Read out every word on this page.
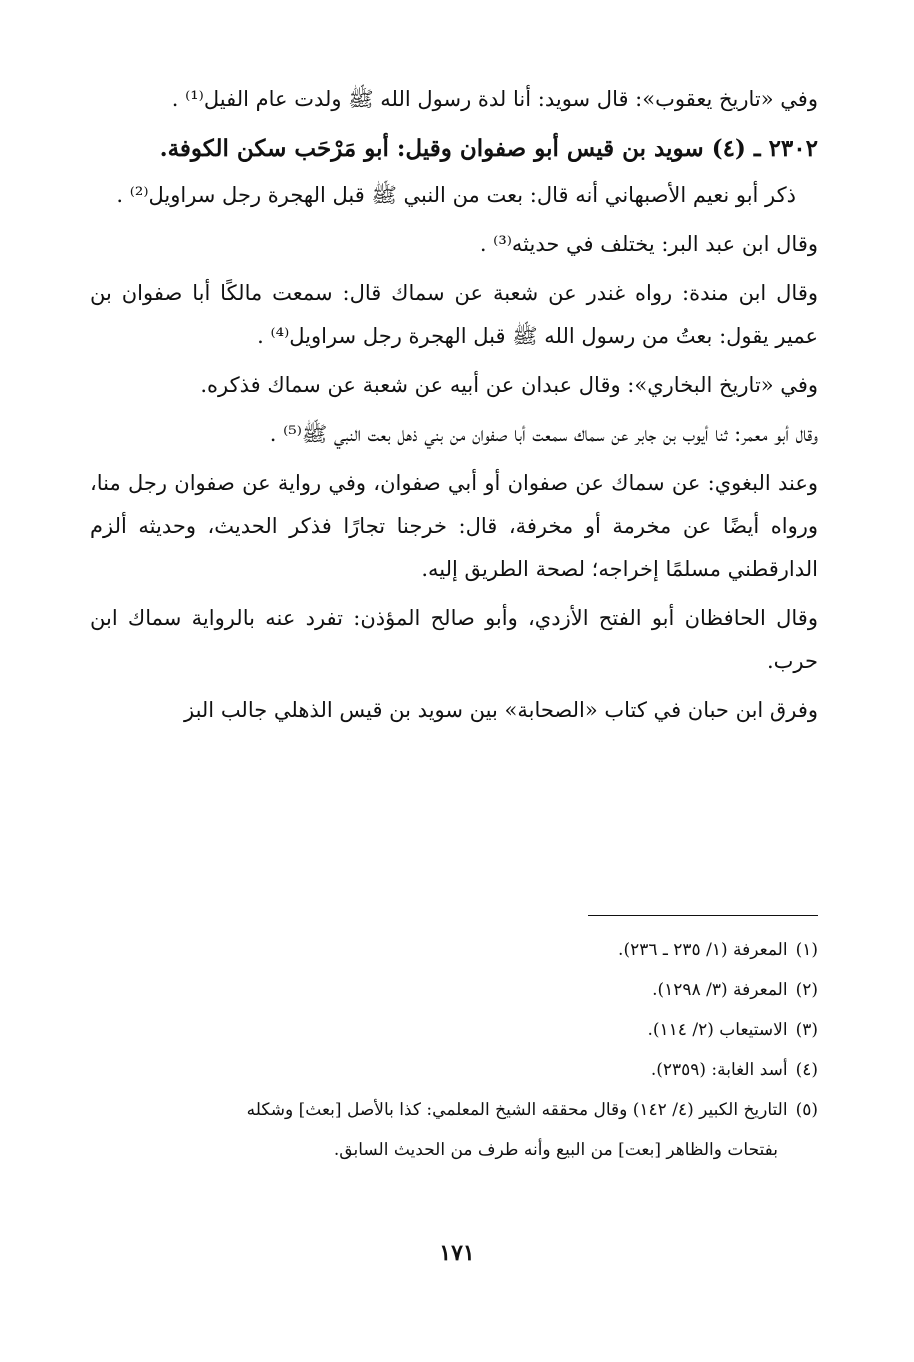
وفي «تاريخ يعقوب»: قال سويد: أنا لدة رسول الله ﷺ ولدت عام الفيل⁽¹⁾ .

٢٣٠٢ ـ (٤) سويد بن قيس أبو صفوان وقيل: أبو مَرْحَب سكن الكوفة.

ذكر أبو نعيم الأصبهاني أنه قال: بعت من النبي ﷺ قبل الهجرة رجل سراويل⁽²⁾ .

وقال ابن عبد البر: يختلف في حديثه⁽³⁾ .

وقال ابن مندة: رواه غندر عن شعبة عن سماك قال: سمعت مالكًا أبا صفوان بن عمير يقول: بعتُ من رسول الله ﷺ قبل الهجرة رجل سراويل⁽⁴⁾ .

وفي «تاريخ البخاري»: وقال عبدان عن أبيه عن شعبة عن سماك فذكره.

وقال أبو معمر: ثنا أيوب بن جابر عن سماك سمعت أبا صفوان من بني ذهل بعت النبي ﷺ⁽⁵⁾ .

وعند البغوي: عن سماك عن صفوان أو أبي صفوان، وفي رواية عن صفوان رجل منا، ورواه أيضًا عن مخرمة أو مخرفة، قال: خرجنا تجارًا فذكر الحديث، وحديثه ألزم الدارقطني مسلمًا إخراجه؛ لصحة الطريق إليه.

وقال الحافظان أبو الفتح الأزدي، وأبو صالح المؤذن: تفرد عنه بالرواية سماك ابن حرب.

وفرق ابن حبان في كتاب «الصحابة» بين سويد بن قيس الذهلي جالب البز

(١)المعرفة (١/ ٢٣٥ ـ ٢٣٦).

(٢)المعرفة (٣/ ١٢٩٨).

(٣)الاستيعاب (٢/ ١١٤).

(٤)أسد الغابة: (٢٣٥٩).

(٥)التاريخ الكبير (٤/ ١٤٢) وقال محققه الشيخ المعلمي: كذا بالأصل [بعث] وشكله

بفتحات والظاهر [بعت] من البيع وأنه طرف من الحديث السابق.

١٧١
